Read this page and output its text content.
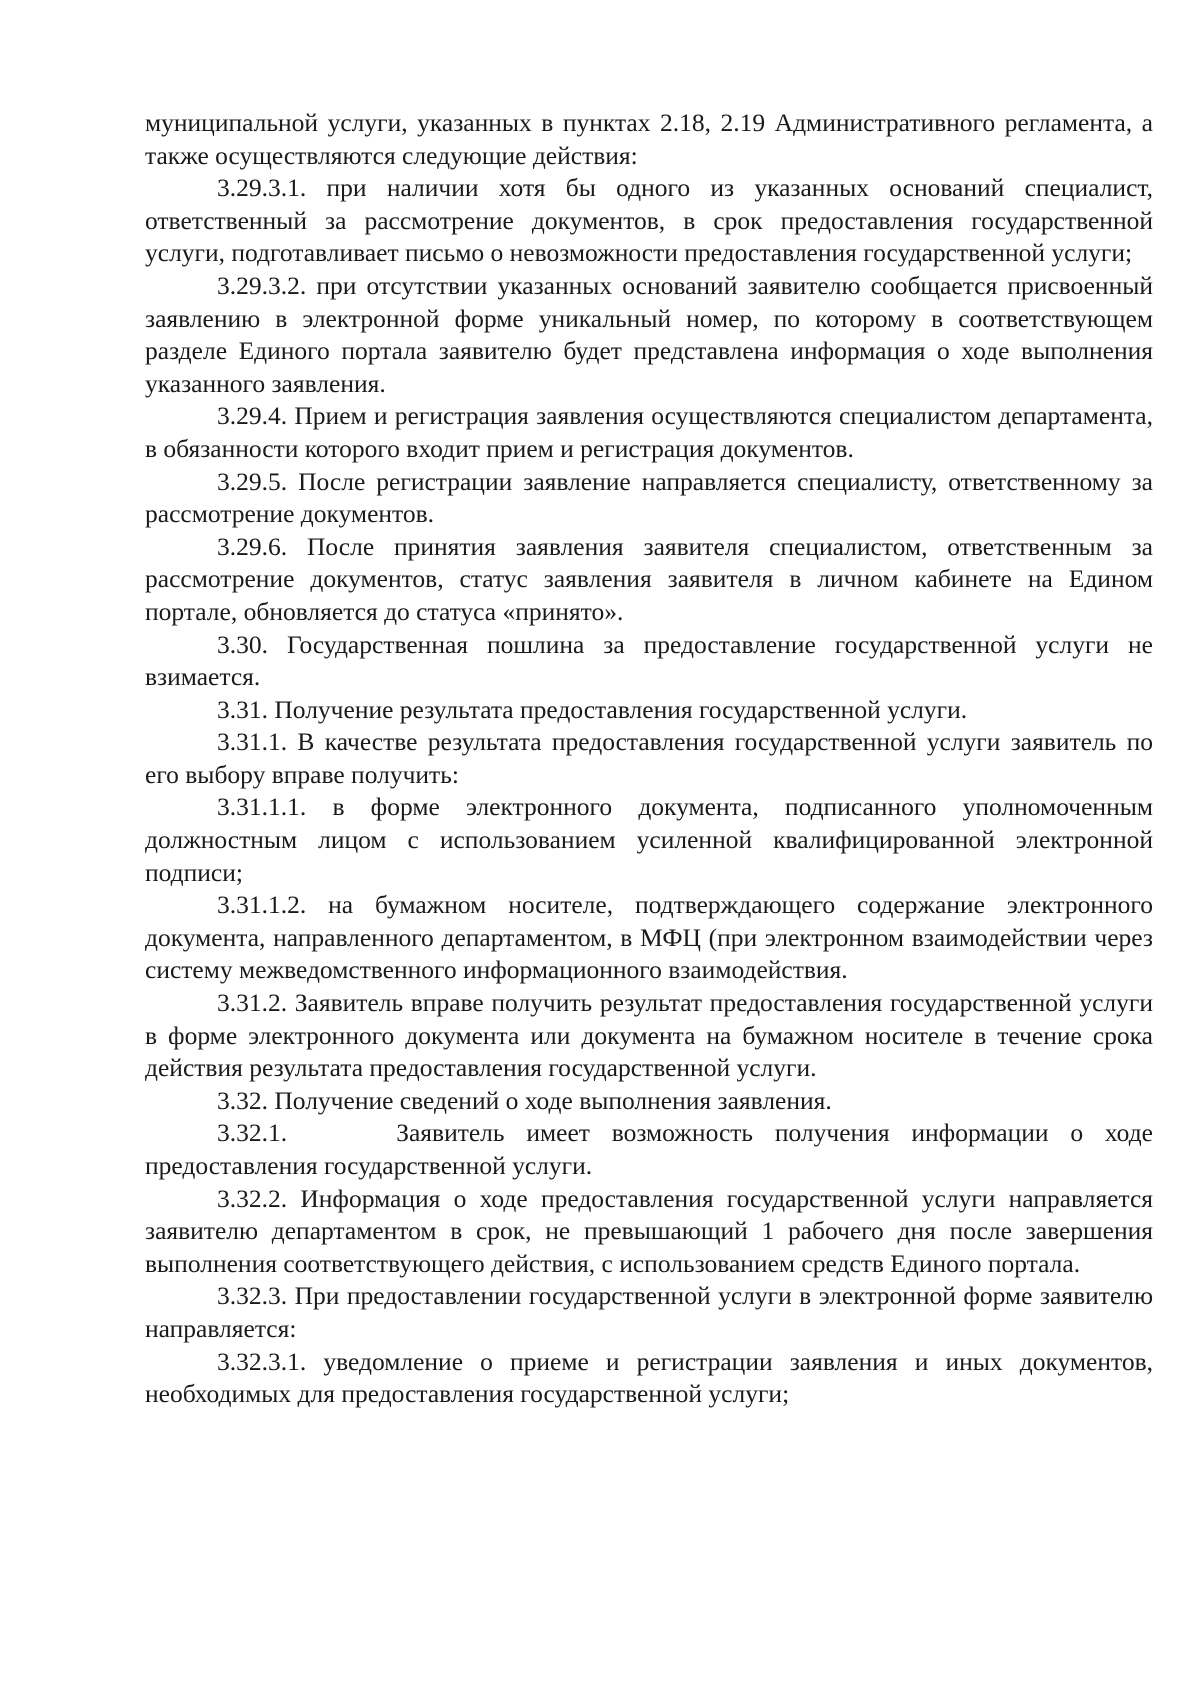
муниципальной услуги, указанных в пунктах 2.18, 2.19 Административного регламента, а также осуществляются следующие действия:

3.29.3.1. при наличии хотя бы одного из указанных оснований специалист, ответственный за рассмотрение документов, в срок предоставления государственной услуги, подготавливает письмо о невозможности предоставления государственной услуги;

3.29.3.2. при отсутствии указанных оснований заявителю сообщается присвоенный заявлению в электронной форме уникальный номер, по которому в соответствующем разделе Единого портала заявителю будет представлена информация о ходе выполнения указанного заявления.

3.29.4. Прием и регистрация заявления осуществляются специалистом департамента, в обязанности которого входит прием и регистрация документов.

3.29.5. После регистрации заявление направляется специалисту, ответственному за рассмотрение документов.

3.29.6. После принятия заявления заявителя специалистом, ответственным за рассмотрение документов, статус заявления заявителя в личном кабинете на Едином портале, обновляется до статуса «принято».

3.30. Государственная пошлина за предоставление государственной услуги не взимается.

3.31. Получение результата предоставления государственной услуги.

3.31.1. В качестве результата предоставления государственной услуги заявитель по его выбору вправе получить:

3.31.1.1. в форме электронного документа, подписанного уполномоченным должностным лицом с использованием усиленной квалифицированной электронной подписи;

3.31.1.2. на бумажном носителе, подтверждающего содержание электронного документа, направленного департаментом, в МФЦ (при электронном взаимодействии через систему межведомственного информационного взаимодействия.

3.31.2. Заявитель вправе получить результат предоставления государственной услуги в форме электронного документа или документа на бумажном носителе в течение срока действия результата предоставления государственной услуги.

3.32. Получение сведений о ходе выполнения заявления.

3.32.1.     Заявитель имеет возможность получения информации о ходе предоставления государственной услуги.

3.32.2. Информация о ходе предоставления государственной услуги направляется заявителю департаментом в срок, не превышающий 1 рабочего дня после завершения выполнения соответствующего действия, с использованием средств Единого портала.

3.32.3. При предоставлении государственной услуги в электронной форме заявителю направляется:

3.32.3.1. уведомление о приеме и регистрации заявления и иных документов, необходимых для предоставления государственной услуги;
